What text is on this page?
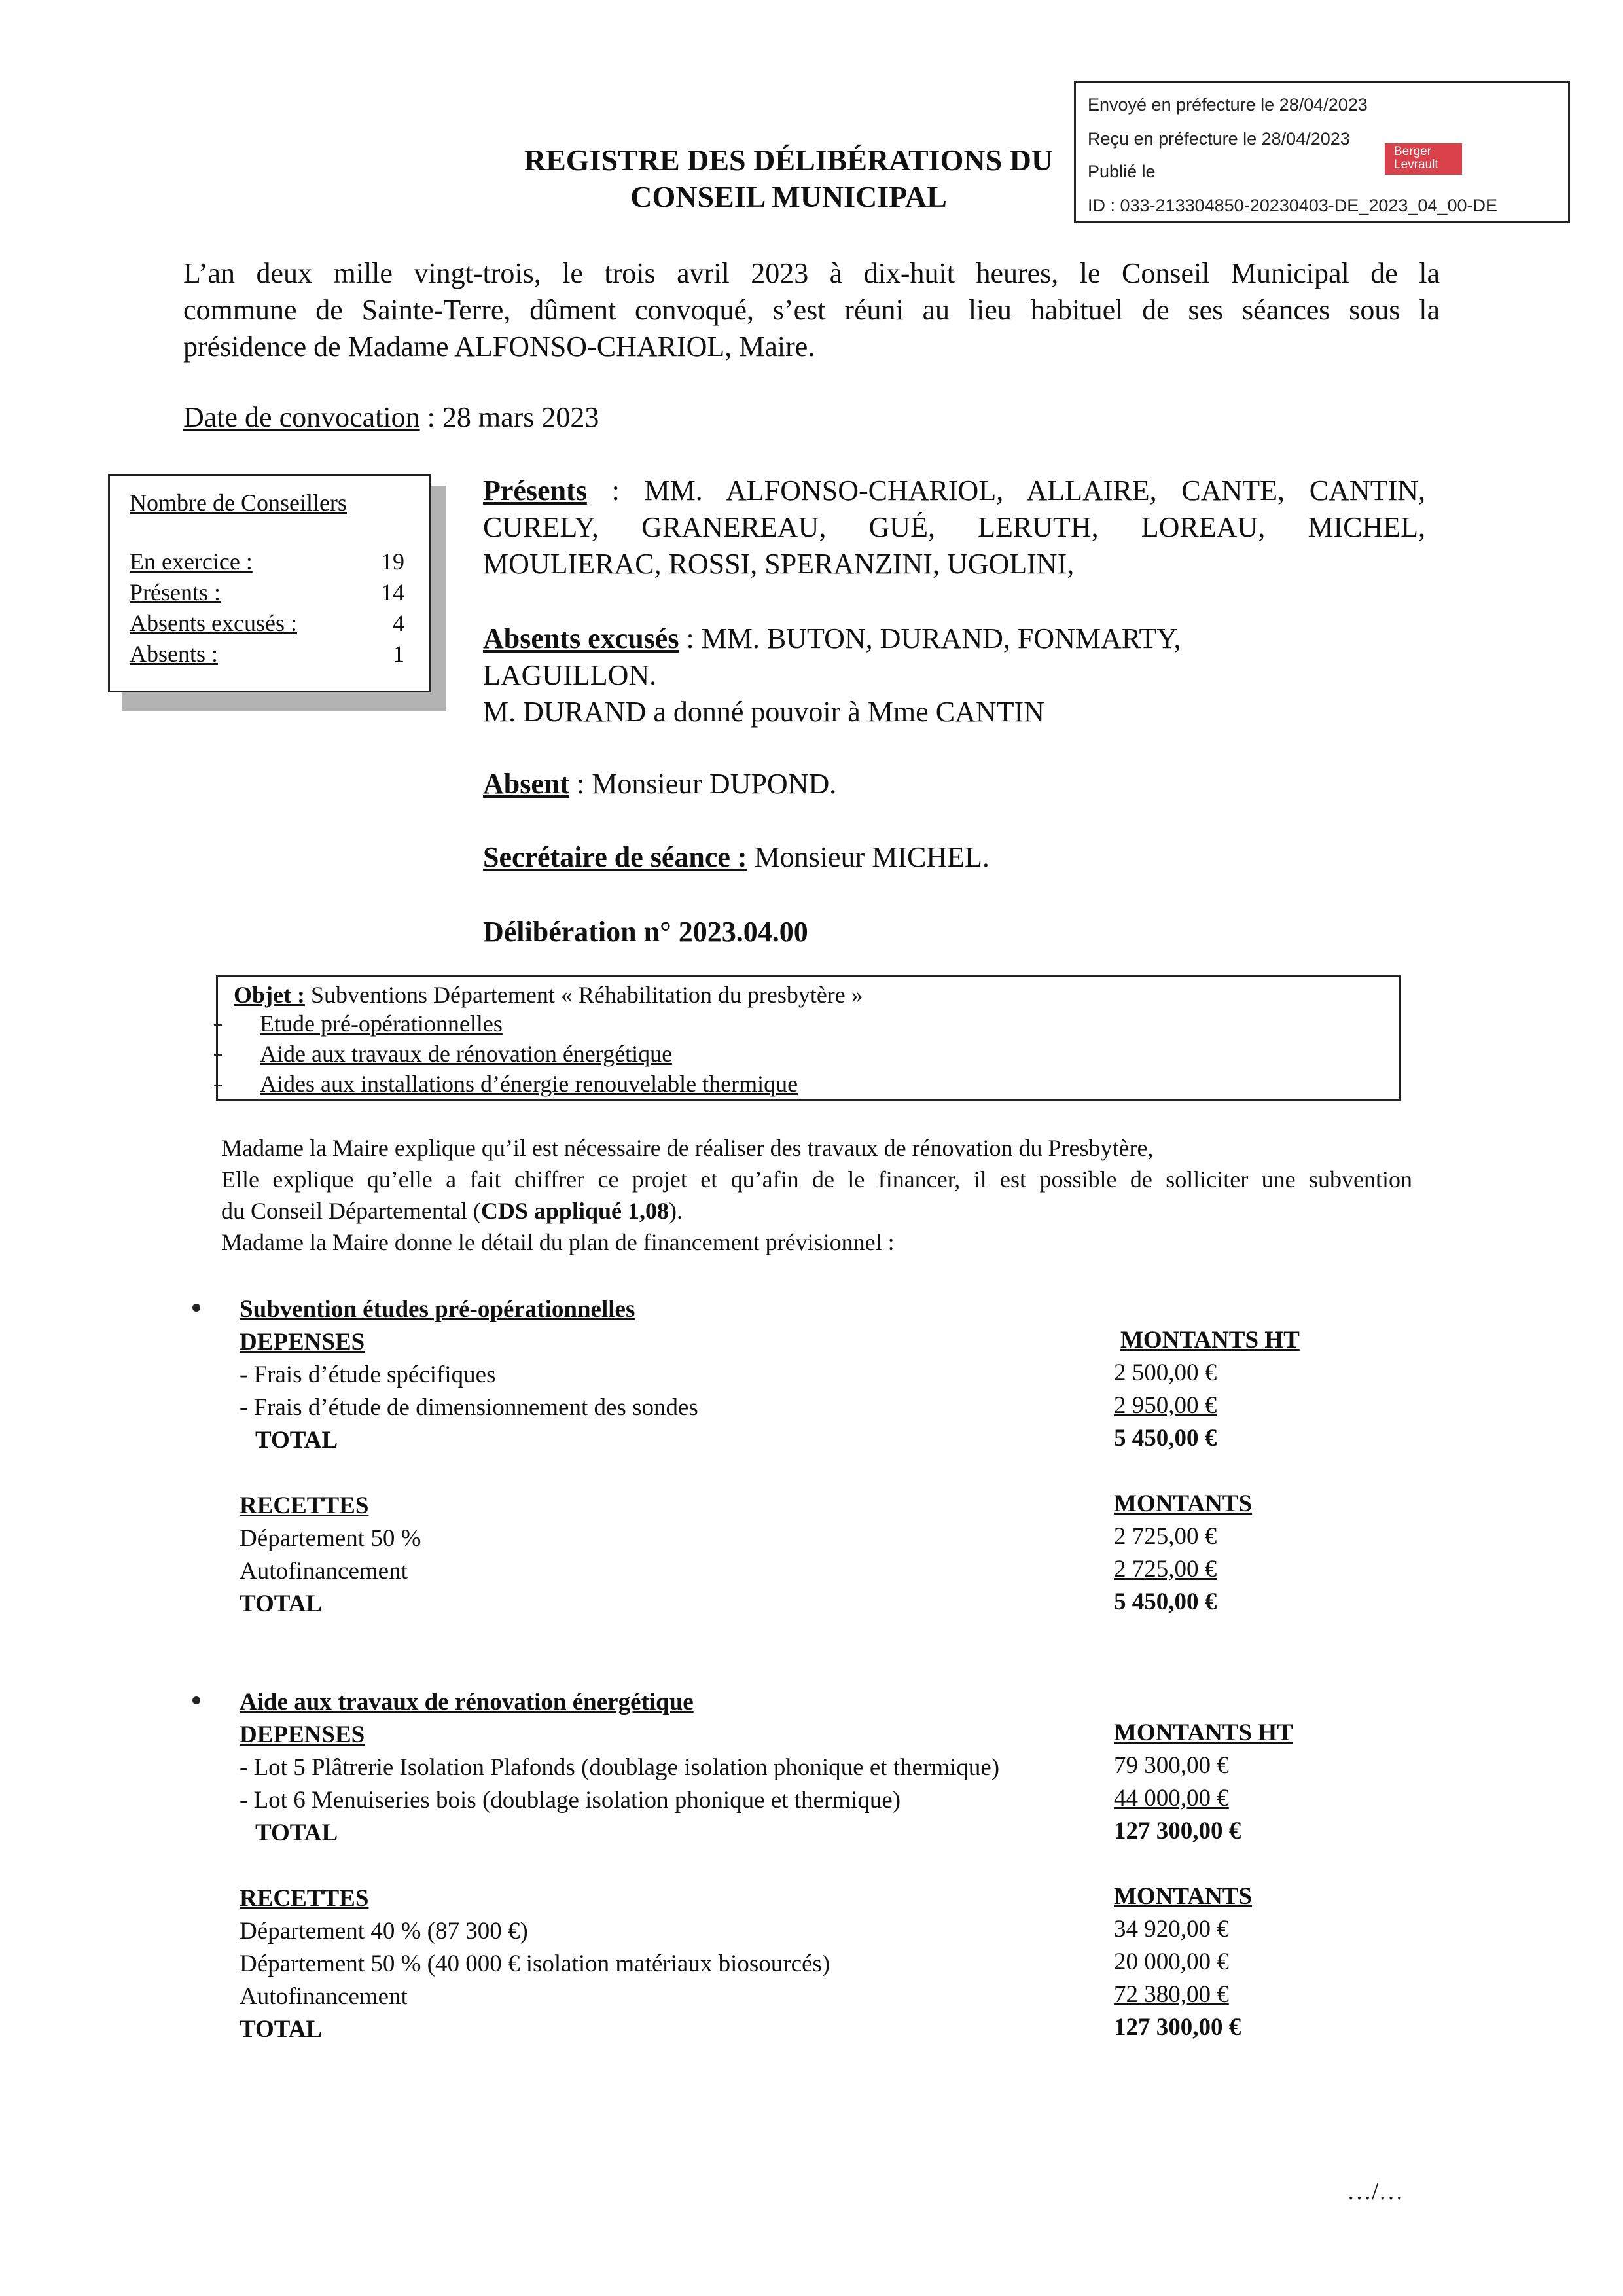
Envoyé en préfecture le 28/04/2023
Reçu en préfecture le 28/04/2023
Publié le
ID : 033-213304850-20230403-DE_2023_04_00-DE
Berger
Levrault
REGISTRE DES DÉLIBÉRATIONS DU
CONSEIL MUNICIPAL
L’an deux mille vingt-trois, le trois avril 2023 à dix-huit heures, le Conseil Municipal de la
commune de Sainte-Terre, dûment convoqué, s’est réuni au lieu habituel de ses séances sous la
présidence de Madame ALFONSO-CHARIOL, Maire.
Date de convocation : 28 mars 2023
Nombre de Conseillers
En exercice :	19
Présents :	14
Absents excusés :	4
Absents :	1
Présents : MM. ALFONSO-CHARIOL, ALLAIRE, CANTE, CANTIN,
CURELY, GRANEREAU, GUÉ, LERUTH, LOREAU, MICHEL,
MOULIERAC, ROSSI, SPERANZINI, UGOLINI,
Absents excusés : MM. BUTON, DURAND, FONMARTY,
LAGUILLON.
M. DURAND a donné pouvoir à Mme CANTIN
Absent : Monsieur DUPOND.
Secrétaire de séance : Monsieur MICHEL.
Délibération n° 2023.04.00
Objet : Subventions Département « Réhabilitation du presbytère »
Etude pré-opérationnelles
Aide aux travaux de rénovation énergétique
Aides aux installations d’énergie renouvelable thermique
Madame la Maire explique qu’il est nécessaire de réaliser des travaux de rénovation du Presbytère,
Elle explique qu’elle a fait chiffrer ce projet et qu’afin de le financer, il est possible de solliciter une subvention
du Conseil Départemental (CDS appliqué 1,08).
Madame la Maire donne le détail du plan de financement prévisionnel :
Subvention études pré-opérationnelles
DEPENSES	MONTANTS HT
- Frais d’étude spécifiques	2 500,00 €
- Frais d’étude de dimensionnement des sondes	2 950,00 €
TOTAL	5 450,00 €
RECETTES	MONTANTS
Département 50 %	2 725,00 €
Autofinancement	2 725,00 €
TOTAL	5 450,00 €
Aide aux travaux de rénovation énergétique
DEPENSES	MONTANTS HT
- Lot 5 Plâtrerie Isolation Plafonds (doublage isolation phonique et thermique)	79 300,00 €
- Lot 6 Menuiseries bois (doublage isolation phonique et thermique)	44 000,00 €
TOTAL	127 300,00 €
RECETTES	MONTANTS
Département 40 % (87 300 €)	34 920,00 €
Département 50 % (40 000 € isolation matériaux biosourcés)	20 000,00 €
Autofinancement	72 380,00 €
TOTAL	127 300,00 €
…/…
